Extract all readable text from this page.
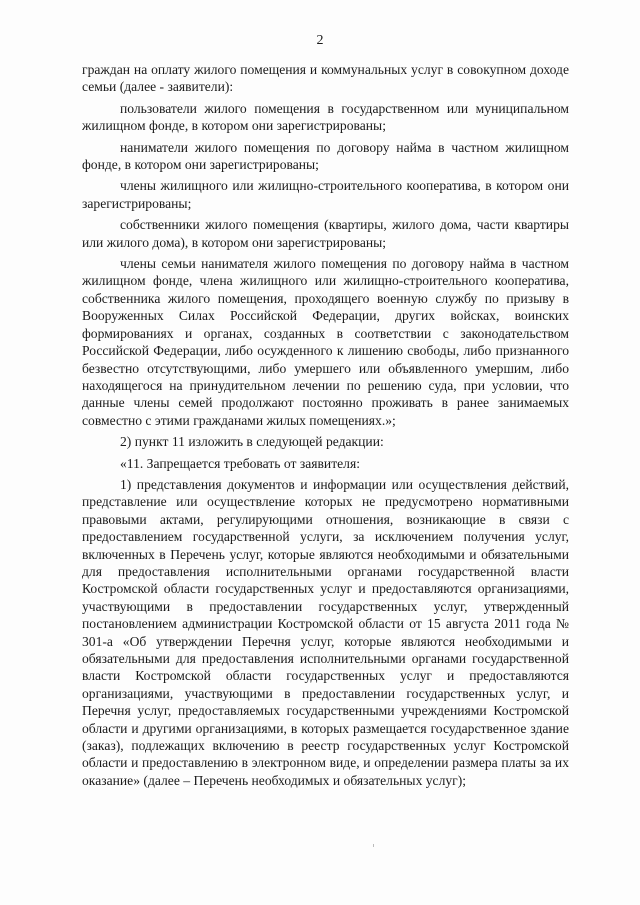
2

граждан на оплату жилого помещения и коммунальных услуг в совокупном доходе семьи (далее - заявители):

пользователи жилого помещения в государственном или муниципальном жилищном фонде, в котором они зарегистрированы;

наниматели жилого помещения по договору найма в частном жилищном фонде, в котором они зарегистрированы;

члены жилищного или жилищно-строительного кооператива, в котором они зарегистрированы;

собственники жилого помещения (квартиры, жилого дома, части квартиры или жилого дома), в котором они зарегистрированы;

члены семьи нанимателя жилого помещения по договору найма в частном жилищном фонде, члена жилищного или жилищно-строительного кооператива, собственника жилого помещения, проходящего военную службу по призыву в Вооруженных Силах Российской Федерации, других войсках, воинских формированиях и органах, созданных в соответствии с законодательством Российской Федерации, либо осужденного к лишению свободы, либо признанного безвестно отсутствующими, либо умершего или объявленного умершим, либо находящегося на принудительном лечении по решению суда, при условии, что данные члены семей продолжают постоянно проживать в ранее занимаемых совместно с этими гражданами жилых помещениях.»;

2) пункт 11 изложить в следующей редакции:

«11. Запрещается требовать от заявителя:

1) представления документов и информации или осуществления действий, представление или осуществление которых не предусмотрено нормативными правовыми актами, регулирующими отношения, возникающие в связи с предоставлением государственной услуги, за исключением получения услуг, включенных в Перечень услуг, которые являются необходимыми и обязательными для предоставления исполнительными органами государственной власти Костромской области государственных услуг и предоставляются организациями, участвующими в предоставлении государственных услуг, утвержденный постановлением администрации Костромской области от 15 августа 2011 года № 301-а «Об утверждении Перечня услуг, которые являются необходимыми и обязательными для предоставления исполнительными органами государственной власти Костромской области государственных услуг и предоставляются организациями, участвующими в предоставлении государственных услуг, и Перечня услуг, предоставляемых государственными учреждениями Костромской области и другими организациями, в которых размещается государственное здание (заказ), подлежащих включению в реестр государственных услуг Костромской области и предоставлению в электронном виде, и определении размера платы за их оказание» (далее – Перечень необходимых и обязательных услуг);
